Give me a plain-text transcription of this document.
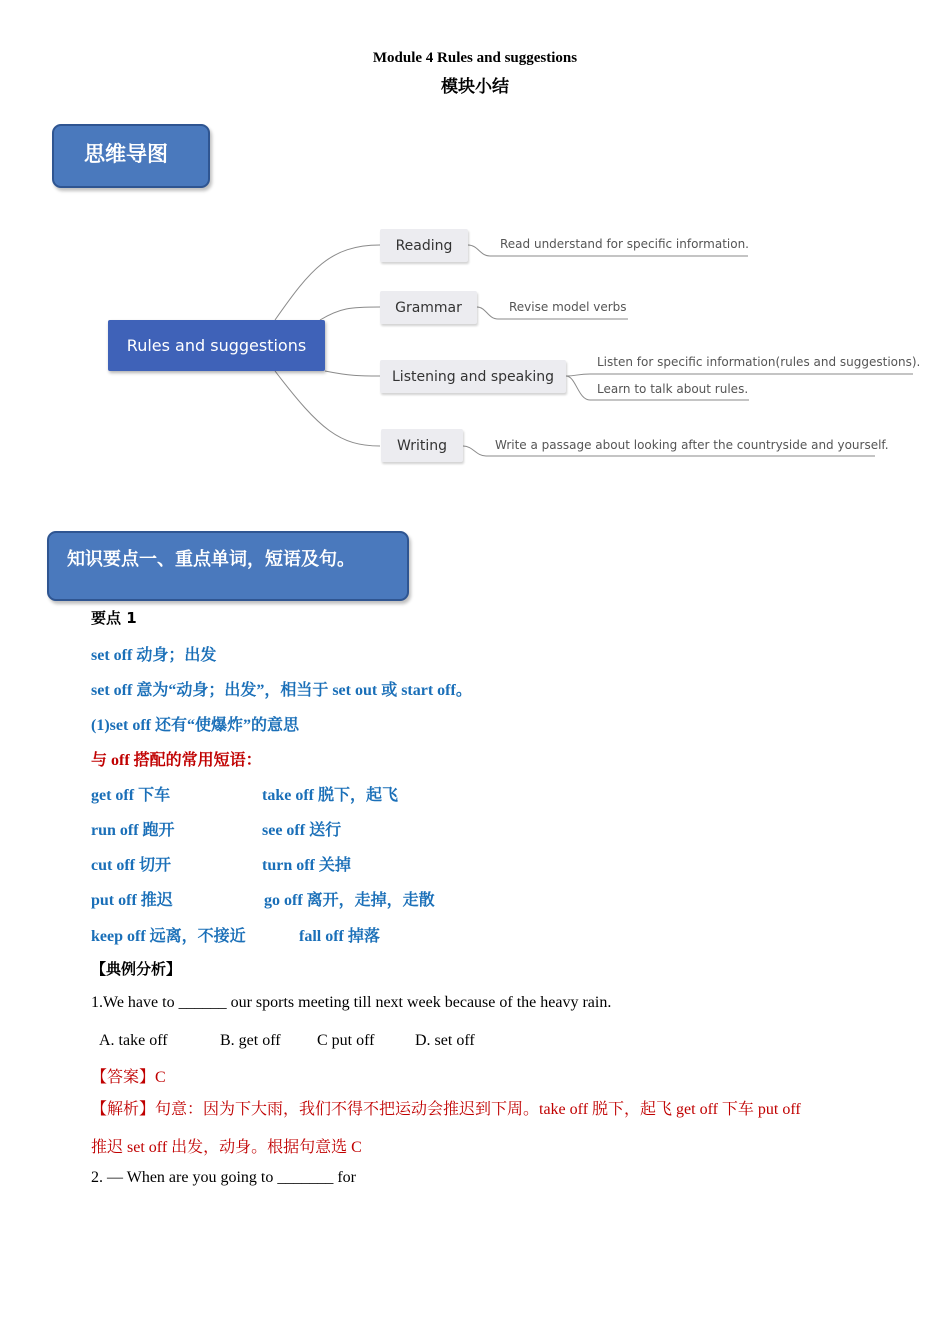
Module 4 Rules and suggestions
模块小结
思维导图
Rules and suggestions
Reading	Read understand for specific information.
Grammar	Revise model verbs
Listening and speaking
Listen for specific information(rules and suggestions).
Learn to talk about rules.
Writing	Write a passage about looking after the countryside and yourself.
知识要点一、重点单词，短语及句。
要点 1
set off 动身；出发
set off 意为“动身；出发”，相当于 set out 或 start off。
(1)set off 还有“使爆炸”的意思
与 off 搭配的常用短语：
get off 下车	take off 脱下，起飞
run off 跑开	see off 送行
cut off 切开	turn off 关掉
put off 推迟	go off 离开，走掉，走散
keep off 远离，不接近	fall off 掉落
【典例分析】
1.We have to ______ our sports meeting till next week because of the heavy rain.
A. take off	B. get off C put off	D. set off
【答案】C
【解析】句意：因为下大雨，我们不得不把运动会推迟到下周。take off 脱下，起飞 get off 下车 put off
推迟 set off 出发，动身。根据句意选 C
2. — When are you going to _______ for
